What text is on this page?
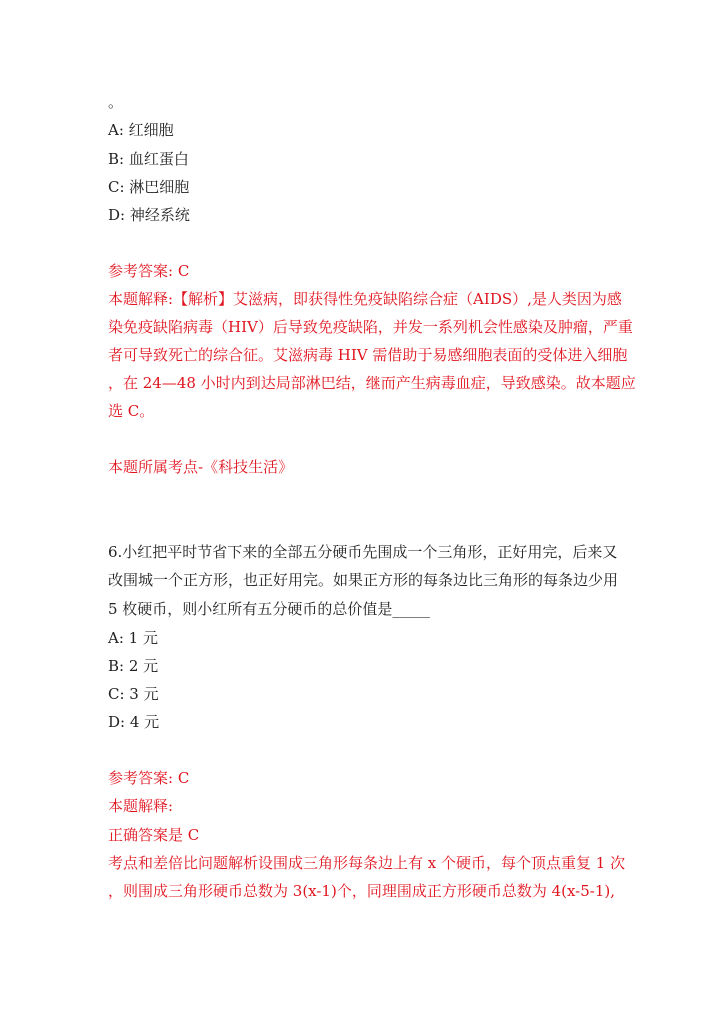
。
A: 红细胞
B: 血红蛋白
C: 淋巴细胞
D: 神经系统
参考答案: C
本题解释:【解析】艾滋病，即获得性免疫缺陷综合症（AIDS）,是人类因为感
染免疫缺陷病毒（HIV）后导致免疫缺陷，并发一系列机会性感染及肿瘤，严重
者可导致死亡的综合征。艾滋病毒 HIV 需借助于易感细胞表面的受体进入细胞
，在 24—48 小时内到达局部淋巴结，继而产生病毒血症，导致感染。故本题应
选 C。
本题所属考点-《科技生活》
6.小红把平时节省下来的全部五分硬币先围成一个三角形，正好用完，后来又
改围城一个正方形，也正好用完。如果正方形的每条边比三角形的每条边少用
5 枚硬币，则小红所有五分硬币的总价值是_____
A: 1 元
B: 2 元
C: 3 元
D: 4 元
参考答案: C
本题解释:
正确答案是 C
考点和差倍比问题解析设围成三角形每条边上有 x 个硬币，每个顶点重复 1 次
，则围成三角形硬币总数为 3(x-1)个，同理围成正方形硬币总数为 4(x-5-1),
